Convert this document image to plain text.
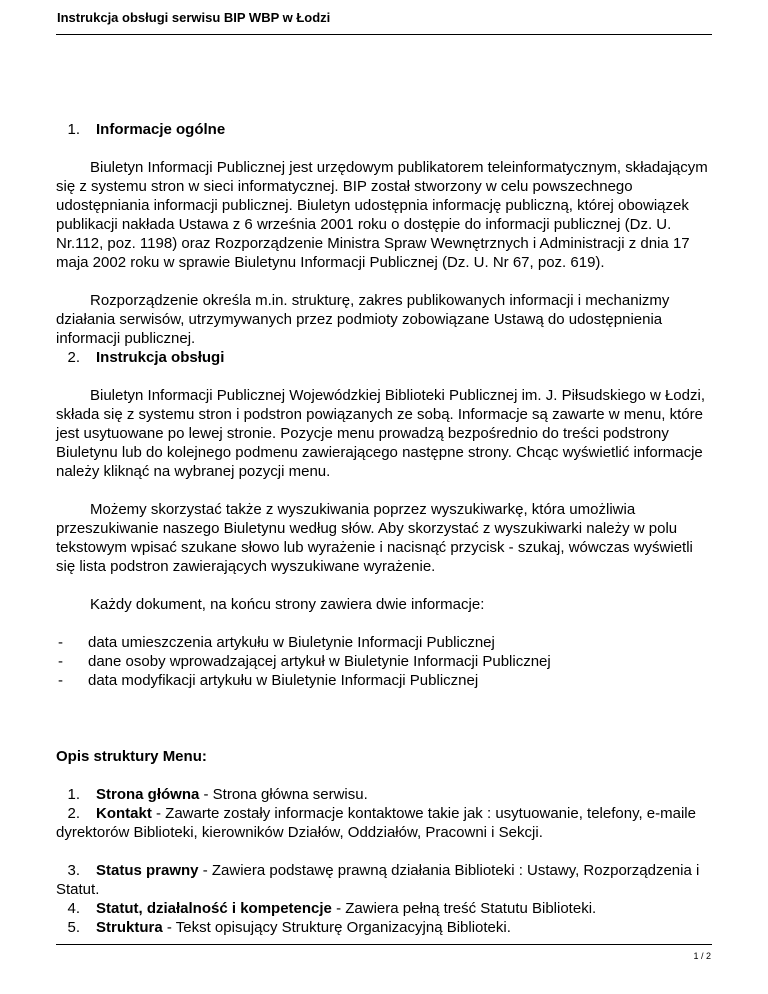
Instrukcja obsługi serwisu BIP WBP w Łodzi

1. Informacje ogólne

Biuletyn Informacji Publicznej jest urzędowym publikatorem teleinformatycznym, składającym się z systemu stron w sieci informatycznej. BIP został stworzony w celu powszechnego udostępniania informacji publicznej. Biuletyn udostępnia informację publiczną, której obowiązek publikacji nakłada Ustawa z 6 września 2001 roku o dostępie do informacji publicznej (Dz. U. Nr.112, poz. 1198) oraz Rozporządzenie Ministra Spraw Wewnętrznych i Administracji z dnia 17 maja 2002 roku w sprawie Biuletynu Informacji Publicznej (Dz. U. Nr 67, poz. 619).

Rozporządzenie określa m.in. strukturę, zakres publikowanych informacji i mechanizmy działania serwisów, utrzymywanych przez podmioty zobowiązane Ustawą do udostępnienia informacji publicznej.

2. Instrukcja obsługi

Biuletyn Informacji Publicznej Wojewódzkiej Biblioteki Publicznej im. J. Piłsudskiego w Łodzi, składa się z systemu stron i podstron powiązanych ze sobą. Informacje są zawarte w menu, które jest usytuowane po lewej stronie. Pozycje menu prowadzą bezpośrednio do treści podstrony Biuletynu lub do kolejnego podmenu zawierającego następne strony. Chcąc wyświetlić informacje należy kliknąć na wybranej pozycji menu.

Możemy skorzystać także z wyszukiwania poprzez wyszukiwarkę, która umożliwia przeszukiwanie naszego Biuletynu według słów. Aby skorzystać z wyszukiwarki należy w polu tekstowym wpisać szukane słowo lub wyrażenie i nacisnąć przycisk - szukaj, wówczas wyświetli się lista podstron zawierających wyszukiwane wyrażenie.

Każdy dokument, na końcu strony zawiera dwie informacje:

- data umieszczenia artykułu w Biuletynie Informacji Publicznej

- dane osoby wprowadzającej artykuł w Biuletynie Informacji Publicznej

- data modyfikacji artykułu w Biuletynie Informacji Publicznej

Opis struktury Menu:

1. Strona główna - Strona główna serwisu.

2. Kontakt - Zawarte zostały informacje kontaktowe takie jak : usytuowanie, telefony, e-maile dyrektorów Biblioteki, kierowników Działów, Oddziałów, Pracowni i Sekcji.

3. Status prawny - Zawiera podstawę prawną działania Biblioteki : Ustawy, Rozporządzenia i Statut.

4. Statut, działalność i kompetencje - Zawiera pełną treść Statutu Biblioteki.

5. Struktura - Tekst opisujący Strukturę Organizacyjną Biblioteki.

1 / 2
